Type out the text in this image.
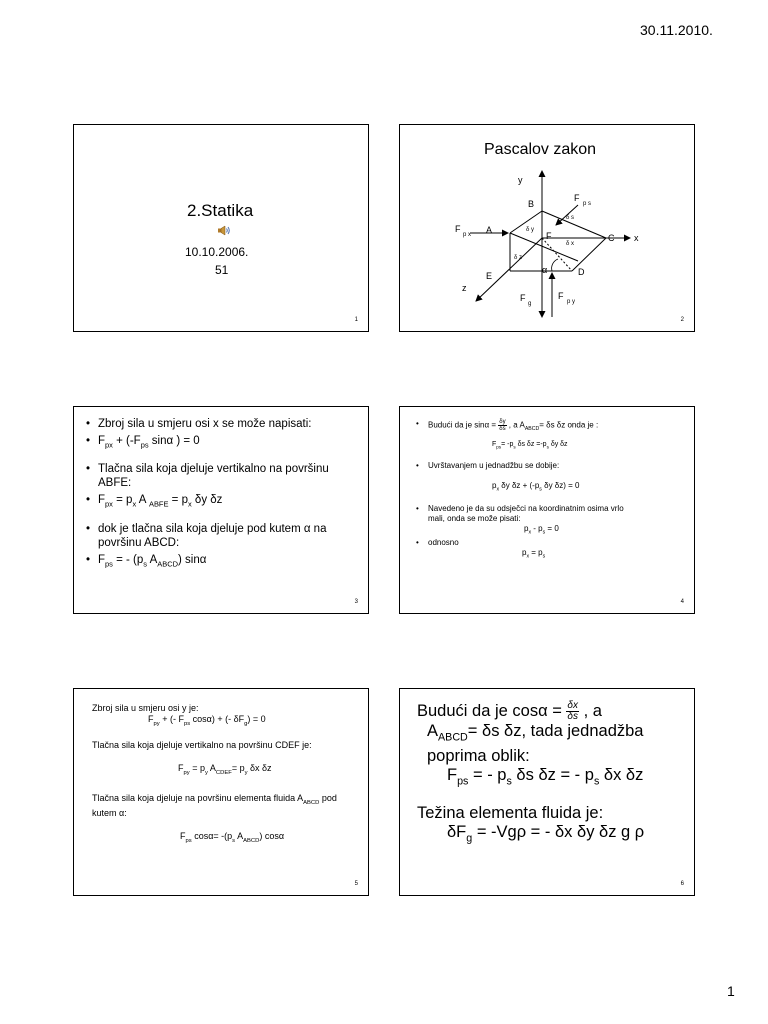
30.11.2010.
1
2.Statika
10.10.2006.
51
1
Pascalov zakon
y
x
z
A
B
C
D
E
F
F
p x
F
p s
F
g
F
p y
δ s
δ y
δ x
δ z
α
2
• Zbroj sila u smjeru osi x se može napisati:
• $F_{px} + (-F_{ps}$ sinα ) = 0
• Tlačna sila koja djeluje vertikalno na površinu ABFE:
• $F_{px} = p_x$ A $_{ABFE} = p_x$ δy δz
• dok je tlačna sila koja djeluje pod kutem α na površinu ABCD:
• $F_{ps}$ = - ($p_s$ $A_{ABCD}$) sinα
3
• Budući da je $\sin\alpha = \frac{\delta y}{\delta s}$ , a $A_{ABCD}= \delta s$ δz onda je :
$F_{ps}= -p_s$ δs $\delta z =-p_s$ δy δz
• Uvrštavanjem u jednadžbu se dobije:
$p_x$ δy $\delta z + (-p_s$ δy δz) = 0
• Navedeno je da su odsječci na koordinatnim osima vrlo mali, onda se može pisati:
$p_x - p_s = 0$
• odnosno
$p_x = p_s$
4
Zbroj sila u smjeru osi y je:
$F_{py}$ + (- $F_{ps}$ cosα) + (- $\delta F_g) = 0$
Tlačna sila koja djeluje vertikalno na površinu CDEF je:
$F_{py} = p_y$ $A_{CDEF}= p_y$ δx δz
Tlačna sila koja djeluje na površinu elementa fluida $A_{ABCD}$ pod kutem α:
$F_{ps}$ $\cos\alpha= -(p_s$ $A_{ABCD}$) cosα
5
Budući da je $\cos\alpha = \frac{\delta x}{\delta s}$ , a
$A_{ABCD}= \delta s$ δz, tada jednadžba
poprima oblik:
$F_{ps}$ = - $p_s$ δs δz = - $p_s$ δx δz
Težina elementa fluida je:
$\delta F_g = -Vg\rho$ = - δx δy δz g ρ
6
